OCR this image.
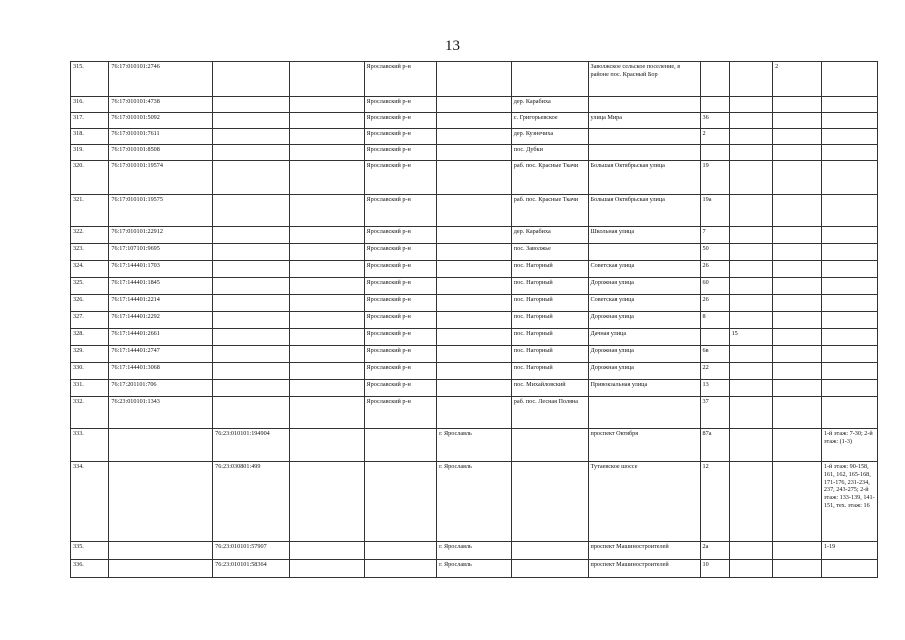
13
315.	76:17:010101:2746			Ярославский р-н			Заволжское сельское поселение, в районе пос. Красный Бор			2	
316.	76:17:010101:4738			Ярославский р-н		дер. Карабиха					
317.	76:17:010101:5092			Ярославский р-н		с. Григорьевское	улица Мира	36			
318.	76:17:010101:7611			Ярославский р-н		дер. Кузнечиха		2			
319.	76:17:010101:8508			Ярославский р-н		пос. Дубки					
320.	76:17:010101:19574			Ярославский р-н		раб. пос. Красные Ткачи	Большая Октябрьская улица	19			
321.	76:17:010101:19575			Ярославский р-н		раб. пос. Красные Ткачи	Большая Октябрьская улица	19а			
322.	76:17:010101:22912			Ярославский р-н		дер. Карабиха	Школьная улица	7			
323.	76:17:107101:9695			Ярославский р-н		пос. Заволжье		50			
324.	76:17:144401:1703			Ярославский р-н		пос. Нагорный	Советская улица	26			
325.	76:17:144401:1845			Ярославский р-н		пос. Нагорный	Дорожная улица	60			
326.	76:17:144401:2214			Ярославский р-н		пос. Нагорный	Советская улица	26			
327.	76:17:144401:2292			Ярославский р-н		пос. Нагорный	Дорожная улица	8			
328.	76:17:144401:2661			Ярославский р-н		пос. Нагорный	Дачная улица		15		
329.	76:17:144401:2747			Ярославский р-н		пос. Нагорный	Дорожная улица	6в			
330.	76:17:144401:3068			Ярославский р-н		пос. Нагорный	Дорожная улица	22			
331.	76:17:201101:706			Ярославский р-н		пос. Михайловский	Привокзальная улица	13			
332.	76:23:010101:1343			Ярославский р-н		раб. пос. Лесная Поляна		37			
333.		76:23:010101:194904			г. Ярославль		проспект Октября	87а			1-й этаж: 7-30; 2-й этаж: (1-3)
334.		76:23:030801:499			г. Ярославль		Тутаевское шоссе	12			1-й этаж: 90-158, 161, 162, 165-168, 171-176, 231-234, 237, 243-275; 2-й этаж: 133-139, 141-151, тех. этаж: 16
335.		76:23:010101:57907			г. Ярославль		проспект Машиностроителей	2а			1-19
336.		76:23:010101:58364			г. Ярославль		проспект Машиностроителей	10			
